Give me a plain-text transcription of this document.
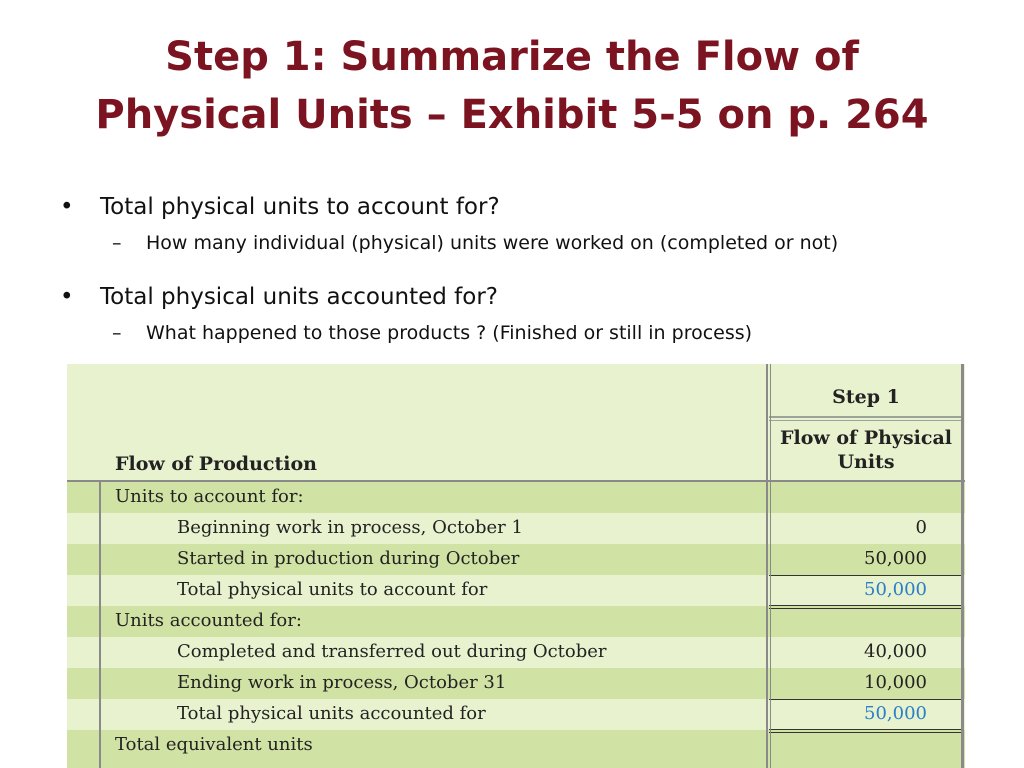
Step 1: Summarize the Flow of
Physical Units – Exhibit 5-5 on p. 264
• Total physical units to account for?
– How many individual (physical) units were worked on (completed or not)
• Total physical units accounted for?
– What happened to those products ? (Finished or still in process)
Flow of Production
Step 1
Flow of Physical Units
Units to account for:
Beginning work in process, October 1	0
Started in production during October	50,000
Total physical units to account for	50,000
Units accounted for:
Completed and transferred out during October	40,000
Ending work in process, October 31	10,000
Total physical units accounted for	50,000
Total equivalent units
